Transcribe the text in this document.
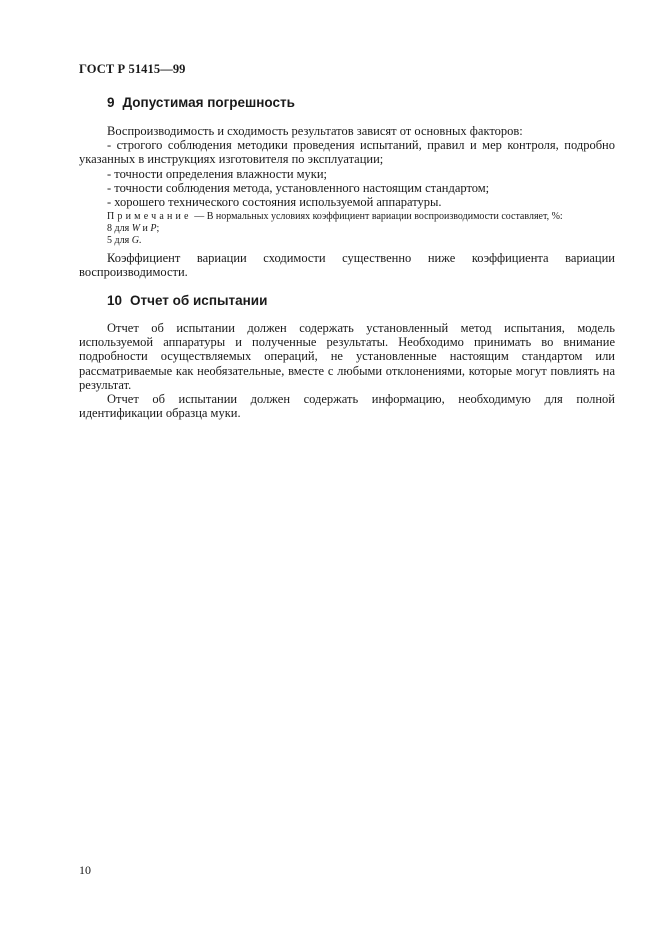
ГОСТ Р 51415—99
9 Допустимая погрешность

Воспроизводимость и сходимость результатов зависят от основных факторов:

- строгого соблюдения методики проведения испытаний, правил и мер контроля, подробно указанных в инструкциях изготовителя по эксплуатации;

- точности определения влажности муки;

- точности соблюдения метода, установленного настоящим стандартом;

- хорошего технического состояния используемой аппаратуры.

Примечание — В нормальных условиях коэффициент вариации воспроизводимости составляет, %:
8 для W и P;
5 для G.

Коэффициент вариации сходимости существенно ниже коэффициента вариации воспроизводимости.

10 Отчет об испытании

Отчет об испытании должен содержать установленный метод испытания, модель используемой аппаратуры и полученные результаты. Необходимо принимать во внимание подробности осуществляемых операций, не установленные настоящим стандартом или рассматриваемые как необязательные, вместе с любыми отклонениями, которые могут повлиять на результат.

Отчет об испытании должен содержать информацию, необходимую для полной идентификации образца муки.

10
